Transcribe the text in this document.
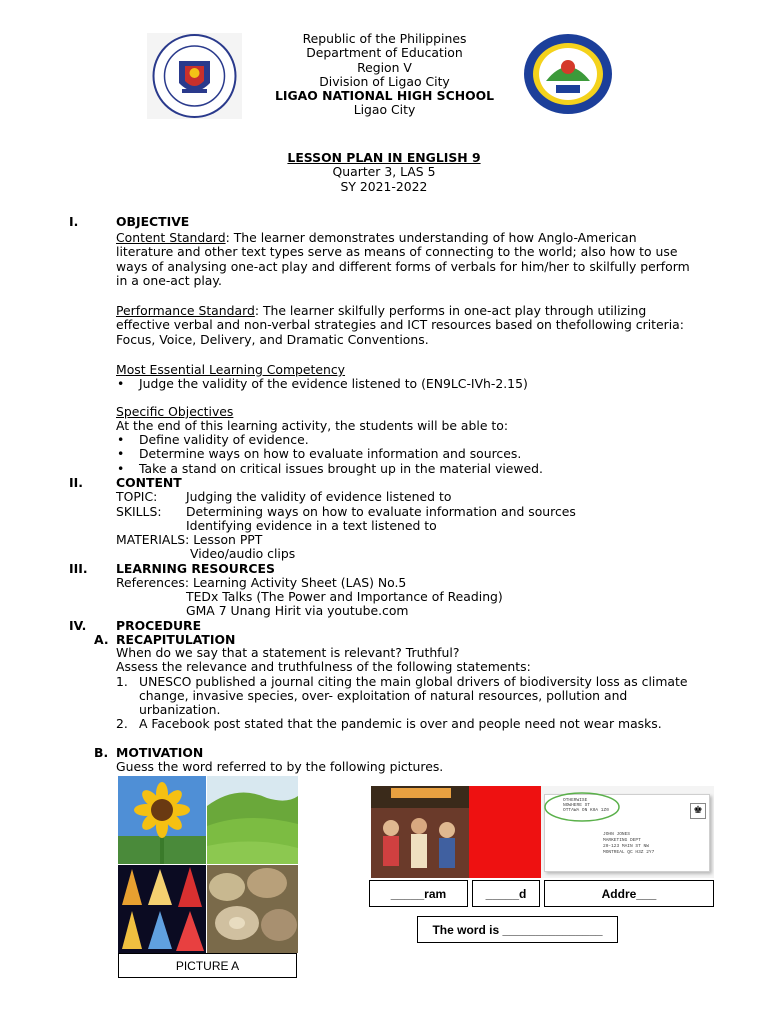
Republic of the Philippines
Department of Education
Region V
Division of Ligao City
LIGAO NATIONAL HIGH SCHOOL
Ligao City
LESSON PLAN IN ENGLISH 9
Quarter 3, LAS 5
SY 2021-2022
I.	OBJECTIVE
Content Standard: The learner demonstrates understanding of how Anglo-American
literature and other text types serve as means of connecting to the world; also how to use
ways of analysing one-act play and different forms of verbals for him/her to skilfully perform
in a one-act play.
Performance Standard: The learner skilfully performs in one-act play through utilizing
effective verbal and non-verbal strategies and ICT resources based on thefollowing criteria:
Focus, Voice, Delivery, and Dramatic Conventions.
Most Essential Learning Competency
• Judge the validity of the evidence listened to (EN9LC-IVh-2.15)
Specific Objectives
At the end of this learning activity, the students will be able to:
• Define validity of evidence.
• Determine ways on how to evaluate information and sources.
• Take a stand on critical issues brought up in the material viewed.
II.	CONTENT
TOPIC: Judging the validity of evidence listened to
SKILLS: Determining ways on how to evaluate information and sources
Identifying evidence in a text listened to
MATERIALS: Lesson PPT
Video/audio clips
III. LEARNING RESOURCES
References: Learning Activity Sheet (LAS) No.5
TEDx Talks (The Power and Importance of Reading)
GMA 7 Unang Hirit via youtube.com
IV. PROCEDURE
A. RECAPITULATION
When do we say that a statement is relevant? Truthful?
Assess the relevance and truthfulness of the following statements:
1. UNESCO published a journal citing the main global drivers of biodiversity loss as climate
change, invasive species, over- exploitation of natural resources, pollution and
urbanization.
2. A Facebook post stated that the pandemic is over and people need not wear masks.
B. MOTIVATION
Guess the word referred to by the following pictures.
PICTURE A
♚
OTHERWISE
NOWHERE ST
OTTAWA ON K0A 1Z0
JOHN JONES
MARKETING DEPT
20-123 MAIN ST NW
MONTREAL QC H3Z 2Y7
_____ram	_____d	Addre___
The word is _______________
